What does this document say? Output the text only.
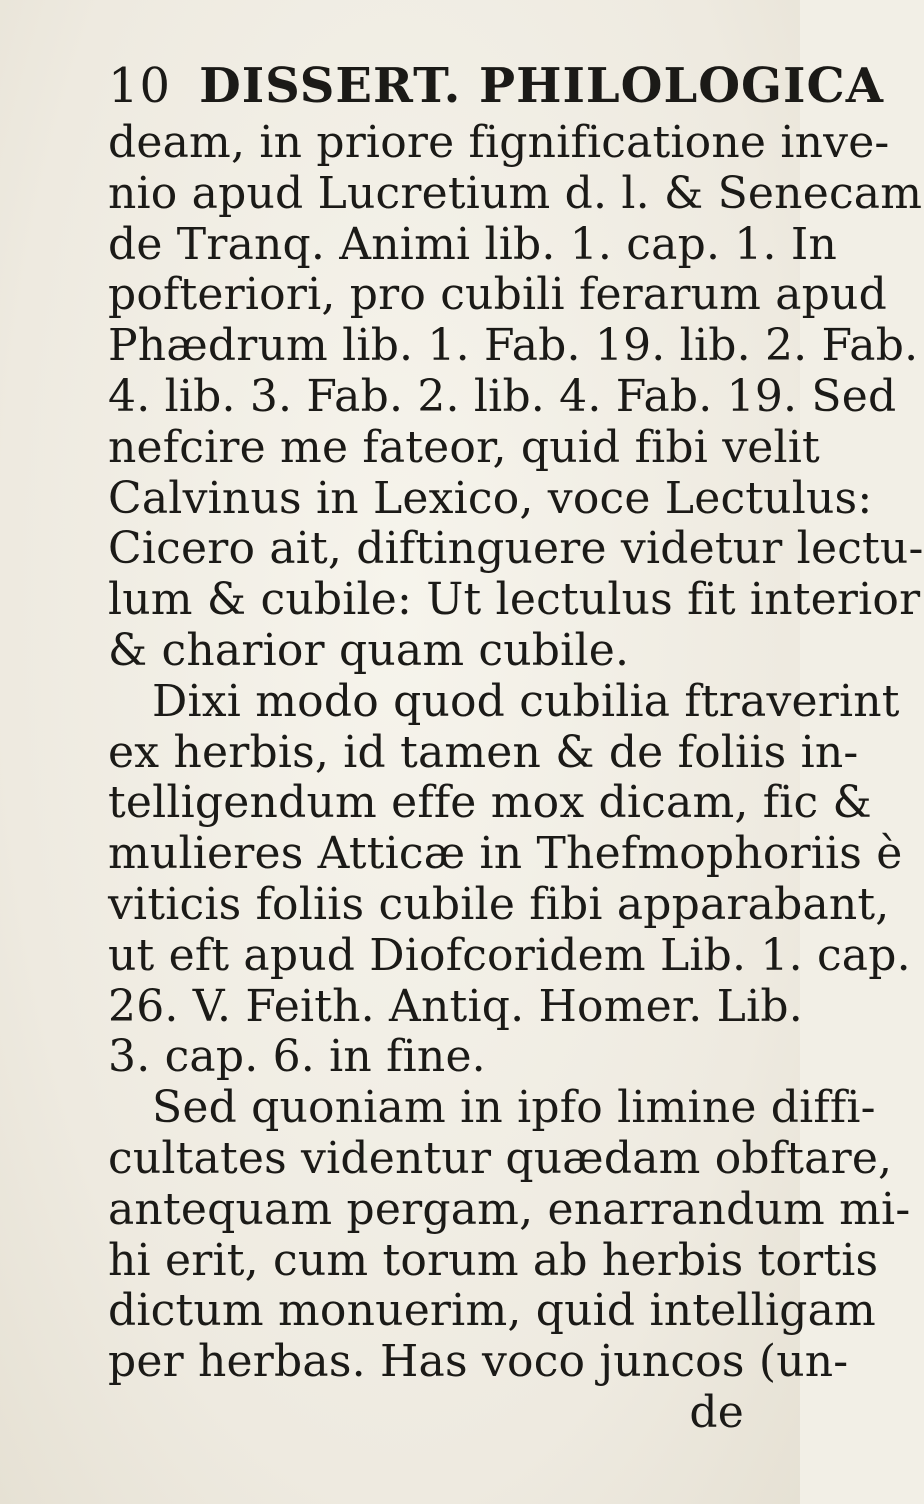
10 DISSERT. PHILOLOGICA
deam, in priore fignificatione inve-
nio apud Lucretium d. l. & Senecam
de Tranq. Animi lib. 1. cap. 1. In
pofteriori, pro cubili ferarum apud
Phædrum lib. 1. Fab. 19. lib. 2. Fab.
4. lib. 3. Fab. 2. lib. 4. Fab. 19. Sed
nefcire me fateor, quid fibi velit
Calvinus in Lexico, voce Lectulus:
Cicero ait, diftinguere videtur lectu-
lum & cubile: Ut lectulus fit interior
& charior quam cubile.
Dixi modo quod cubilia ftraverint
ex herbis, id tamen & de foliis in-
telligendum effe mox dicam, fic &
mulieres Atticæ in Thefmophoriis è
viticis foliis cubile fibi apparabant,
ut eft apud Diofcoridem Lib. 1. cap.
26. V. Feith. Antiq. Homer. Lib.
3. cap. 6. in fine.
Sed quoniam in ipfo limine diffi-
cultates videntur quædam obftare,
antequam pergam, enarrandum mi-
hi erit, cum torum ab herbis tortis
dictum monuerim, quid intelligam
per herbas. Has voco juncos (un-
de
